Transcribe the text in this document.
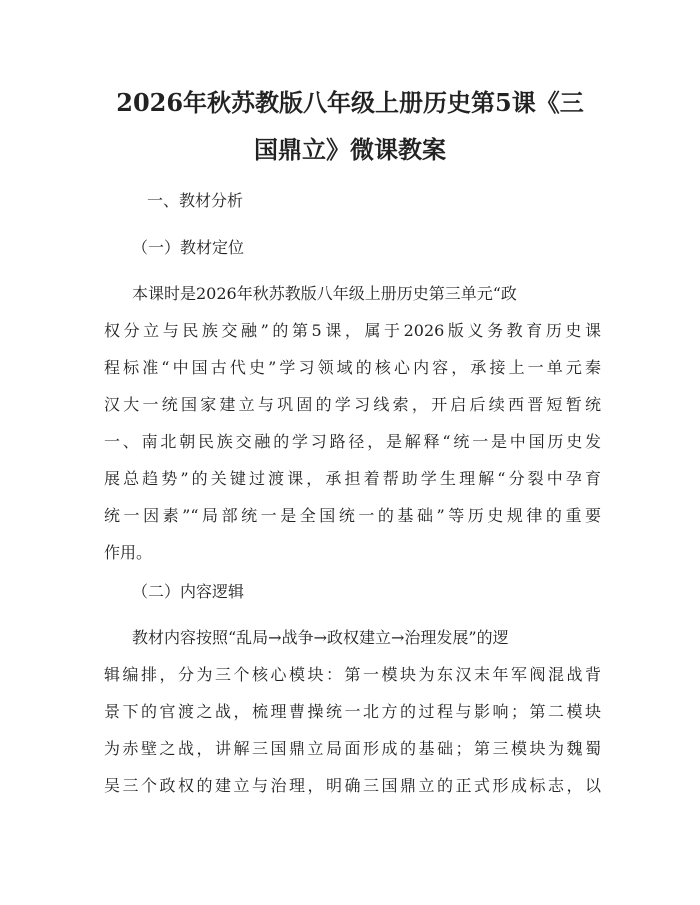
2026年秋苏教版八年级上册历史第5课《三
国鼎立》微课教案

一、教材分析

（一）教材定位

本课时是2026年秋苏教版八年级上册历史第三单元“政

权分立与民族交融”的第5课，属于2026版义务教育历史课

程标准“中国古代史”学习领域的核心内容，承接上一单元秦

汉大一统国家建立与巩固的学习线索，开启后续西晋短暂统

一、南北朝民族交融的学习路径，是解释“统一是中国历史发

展总趋势”的关键过渡课，承担着帮助学生理解“分裂中孕育

统一因素”“局部统一是全国统一的基础”等历史规律的重要

作用。

（二）内容逻辑

教材内容按照“乱局→战争→政权建立→治理发展”的逻

辑编排，分为三个核心模块：第一模块为东汉末年军阀混战背

景下的官渡之战，梳理曹操统一北方的过程与影响；第二模块

为赤壁之战，讲解三国鼎立局面形成的基础；第三模块为魏蜀

吴三个政权的建立与治理，明确三国鼎立的正式形成标志，以
